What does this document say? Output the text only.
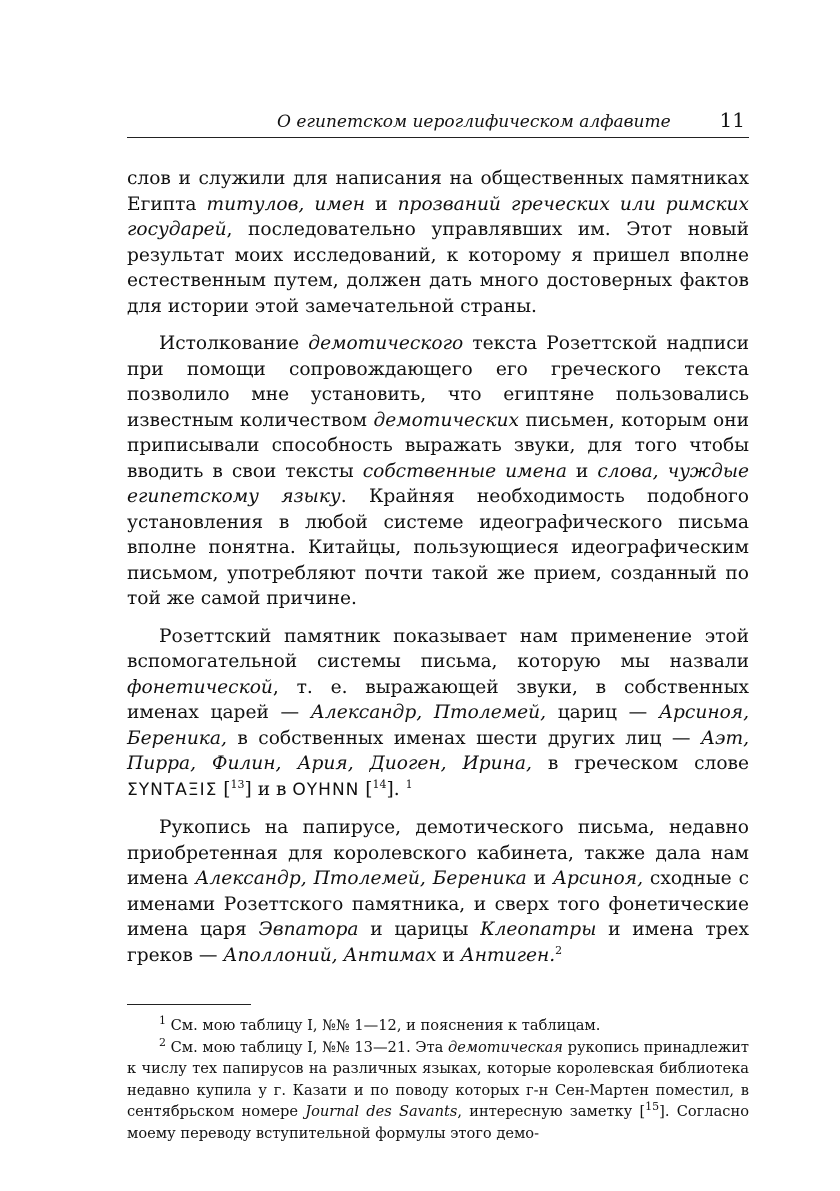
О египетском иероглифическом алфавите 11

слов и служили для написания на общественных памятниках Египта титулов, имен и прозваний греческих или римских государей, последовательно управлявших им. Этот новый результат моих исследований, к которому я пришел вполне естественным путем, должен дать много достоверных фактов для истории этой замечательной страны.

Истолкование демотического текста Розеттской надписи при помощи сопровождающего его греческого текста позволило мне установить, что египтяне пользовались известным количеством демотических письмен, которым они приписывали способность выражать звуки, для того чтобы вводить в свои тексты собственные имена и слова, чуждые египетскому языку. Крайняя необходимость подобного установления в любой системе идеографического письма вполне понятна. Китайцы, пользующиеся идеографическим письмом, употребляют почти такой же прием, созданный по той же самой причине.

Розеттский памятник показывает нам применение этой вспомогательной системы письма, которую мы назвали фонетической, т. е. выражающей звуки, в собственных именах царей — Александр, Птолемей, цариц — Арсиноя, Береника, в собственных именах шести других лиц — Аэт, Пирра, Филин, Ария, Диоген, Ирина, в греческом слове ΣΥΝΤΑΞΙΣ [$^{13}$] и в ΟΥΗΝΝ [$^{14}$]. $^1$

Рукопись на папирусе, демотического письма, недавно приобретенная для королевского кабинета, также дала нам имена Александр, Птолемей, Береника и Арсиноя, сходные с именами Розеттского памятника, и сверх того фонетические имена царя Эвпатора и царицы Клеопатры и имена трех греков — Аполлоний, Антимах и Антиген.$^2$

$^1$ См. мою таблицу I, №№ 1—12, и пояснения к таблицам.

$^2$ См. мою таблицу I, №№ 13—21. Эта демотическая рукопись принадлежит к числу тех папирусов на различных языках, которые королевская библиотека недавно купила у г. Казати и по поводу которых г-н Сен-Мартен поместил, в сентябрьском номере Journal des Savants, интересную заметку [$^{15}$]. Согласно моему переводу вступительной формулы этого демо-
